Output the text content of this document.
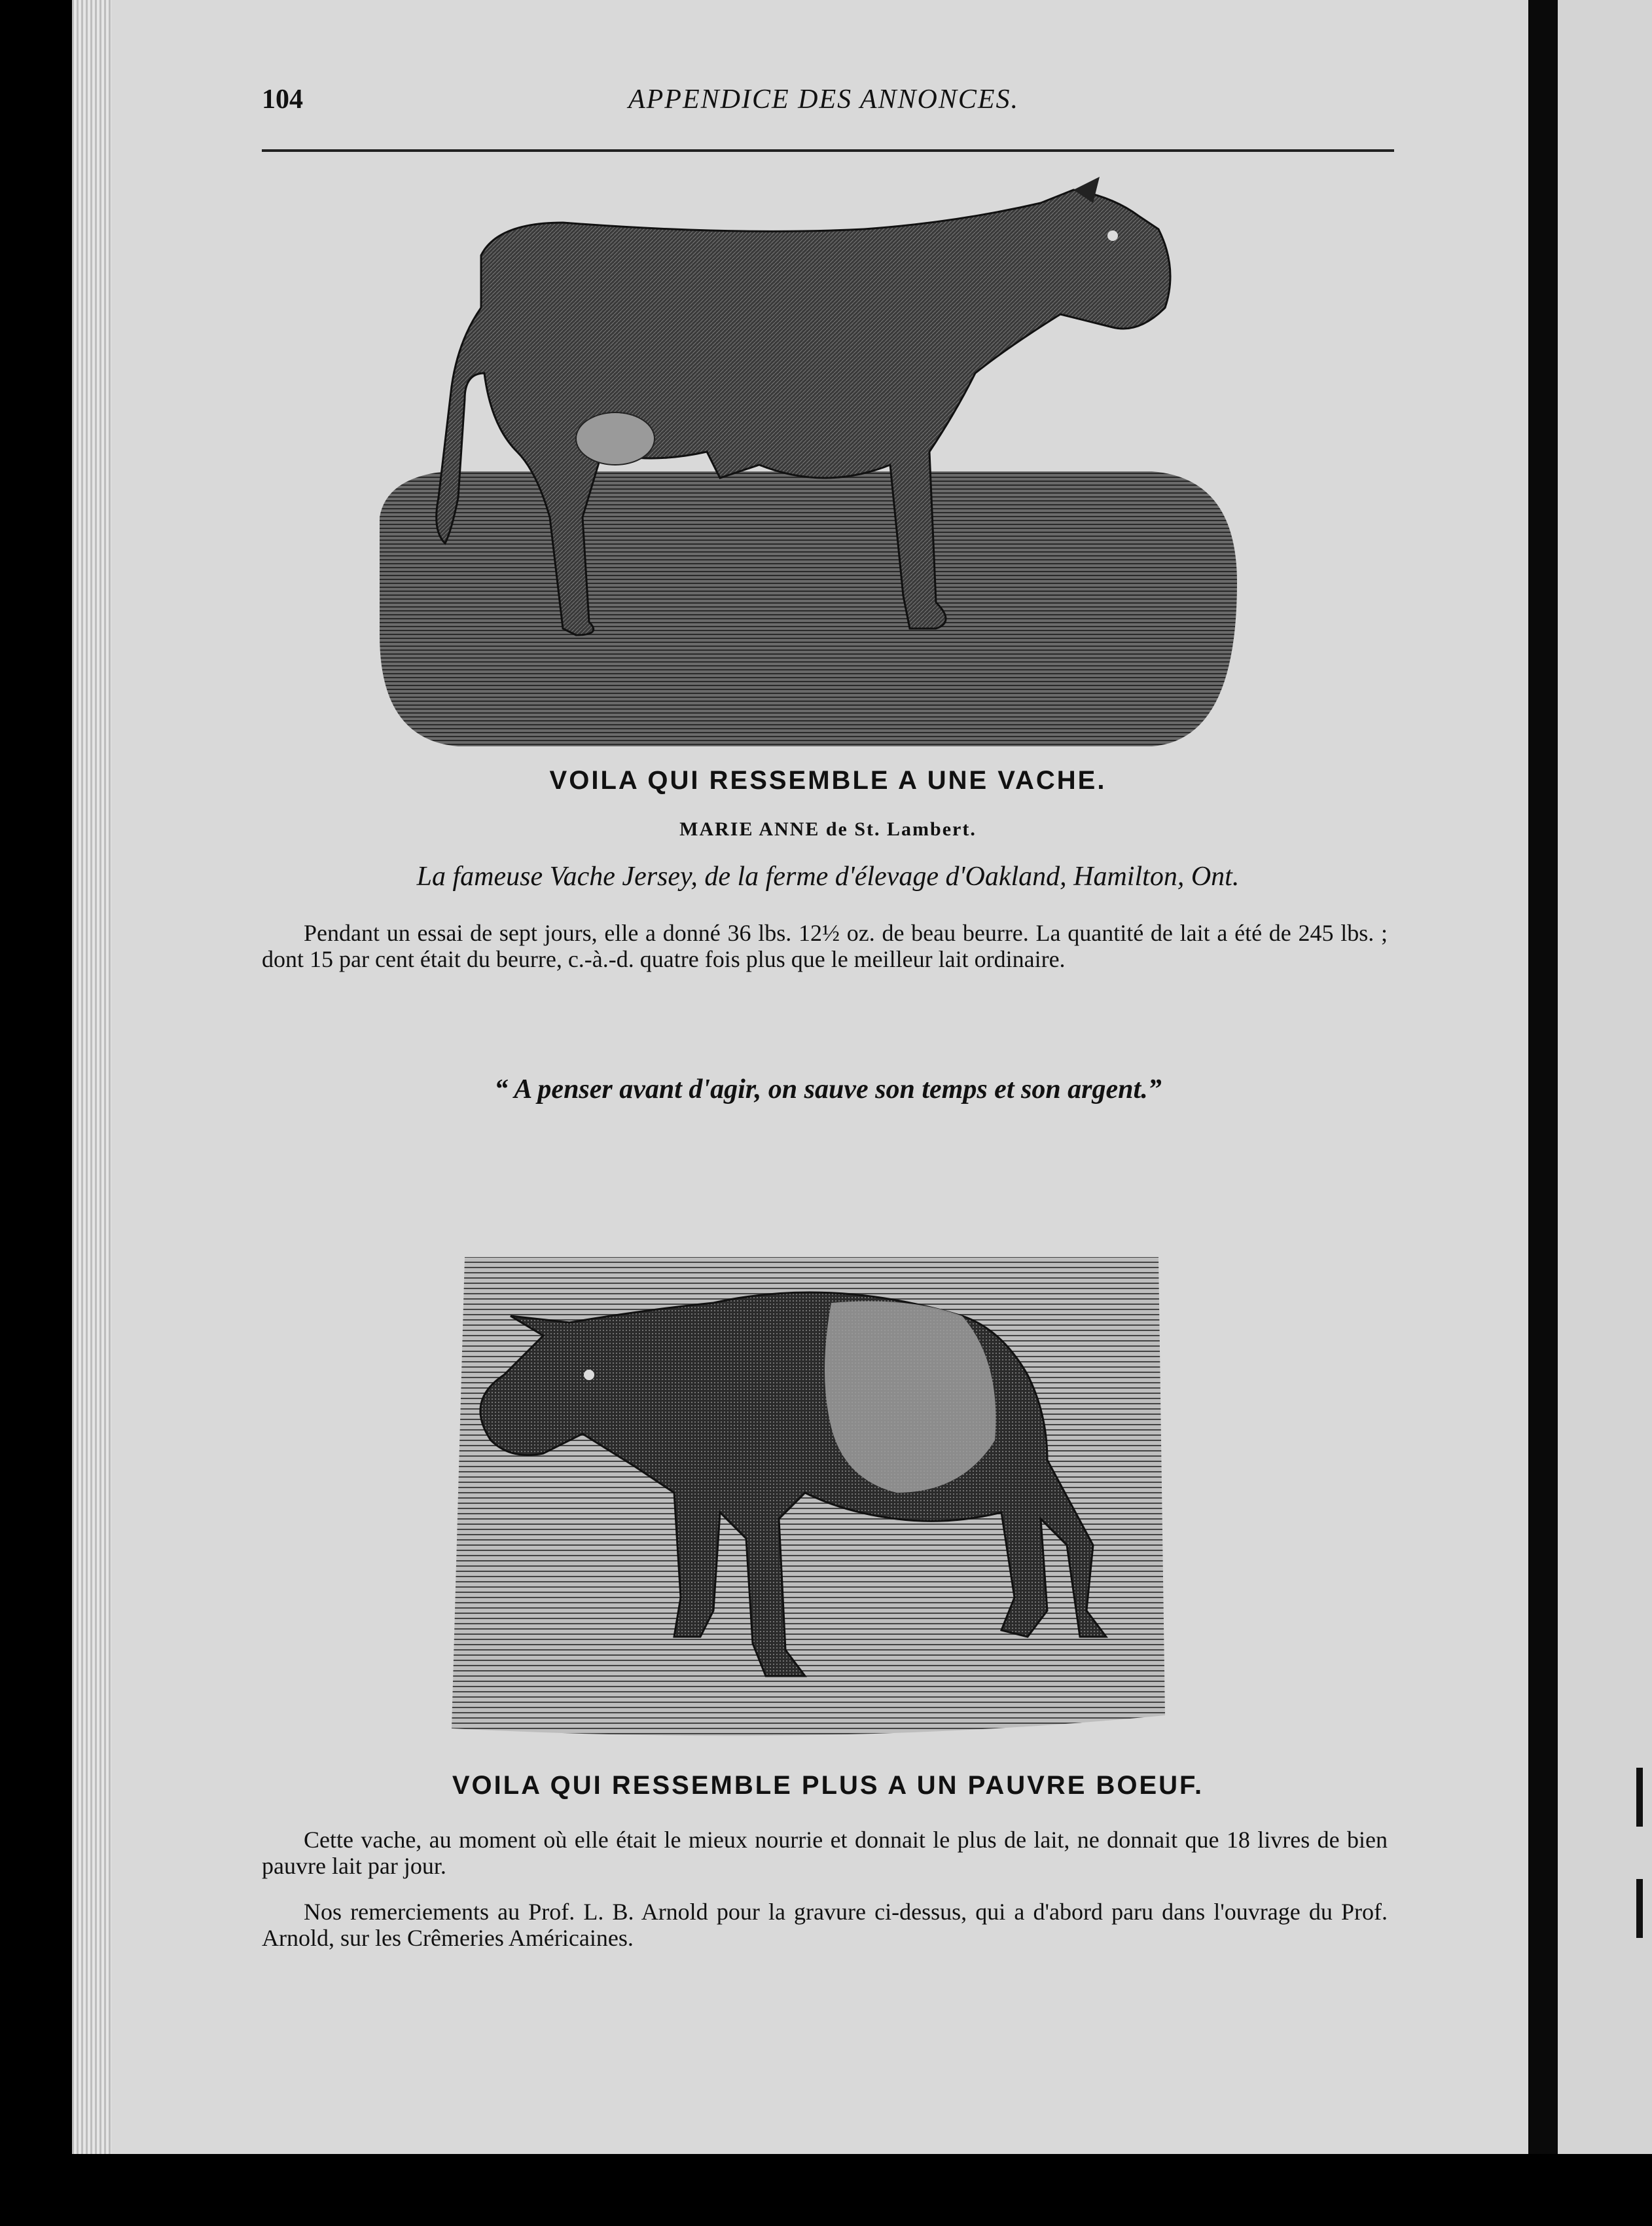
104	APPENDICE DES ANNONCES.
VOILA QUI RESSEMBLE A UNE VACHE.
MARIE ANNE de St. Lambert.
La fameuse Vache Jersey, de la ferme d'élevage d'Oakland, Hamilton, Ont.
Pendant un essai de sept jours, elle a donné 36 lbs. 12½ oz. de beau beurre. La quantité de lait a été de 245 lbs. ; dont 15 par cent était du beurre, c.-à.-d. quatre fois plus que le meilleur lait ordinaire.
“ A penser avant d'agir, on sauve son temps et son argent.”
VOILA QUI RESSEMBLE PLUS A UN PAUVRE BOEUF.
Cette vache, au moment où elle était le mieux nourrie et donnait le plus de lait, ne donnait que 18 livres de bien pauvre lait par jour.
Nos remerciements au Prof. L. B. Arnold pour la gravure ci-dessus, qui a d'abord paru dans l'ouvrage du Prof. Arnold, sur les Crêmeries Américaines.
